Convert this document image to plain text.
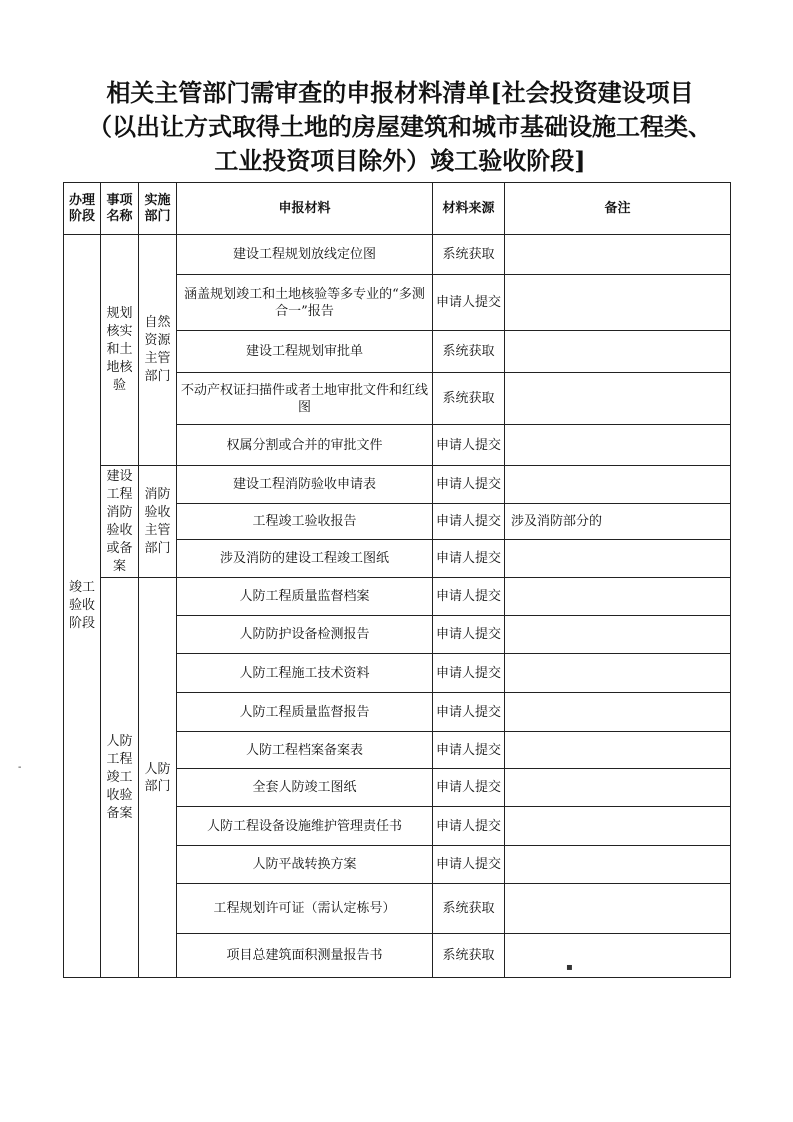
相关主管部门需审查的申报材料清单[社会投资建设项目
（以出让方式取得土地的房屋建筑和城市基础设施工程类、
工业投资项目除外）竣工验收阶段]
办理阶段	事项名称	实施部门	申报材料	材料来源	备注
竣工验收阶段	规划核实和土地核验	自然资源主管部门	建设工程规划放线定位图	系统获取	
			涵盖规划竣工和土地核验等多专业的“多测合一”报告	申请人提交	
			建设工程规划审批单	系统获取	
			不动产权证扫描件或者土地审批文件和红线图	系统获取	
			权属分割或合并的审批文件	申请人提交	
	建设工程消防验收或备案	消防验收主管部门	建设工程消防验收申请表	申请人提交	
			工程竣工验收报告	申请人提交	涉及消防部分的
			涉及消防的建设工程竣工图纸	申请人提交	
	人防工程竣工收验备案	人防部门	人防工程质量监督档案	申请人提交	
			人防防护设备检测报告	申请人提交	
			人防工程施工技术资料	申请人提交	
			人防工程质量监督报告	申请人提交	
			人防工程档案备案表	申请人提交	
			全套人防竣工图纸	申请人提交	
			人防工程设备设施维护管理责任书	申请人提交	
			人防平战转换方案	申请人提交	
			工程规划许可证（需认定栋号）	系统获取	
			项目总建筑面积测量报告书	系统获取	
-
▪
